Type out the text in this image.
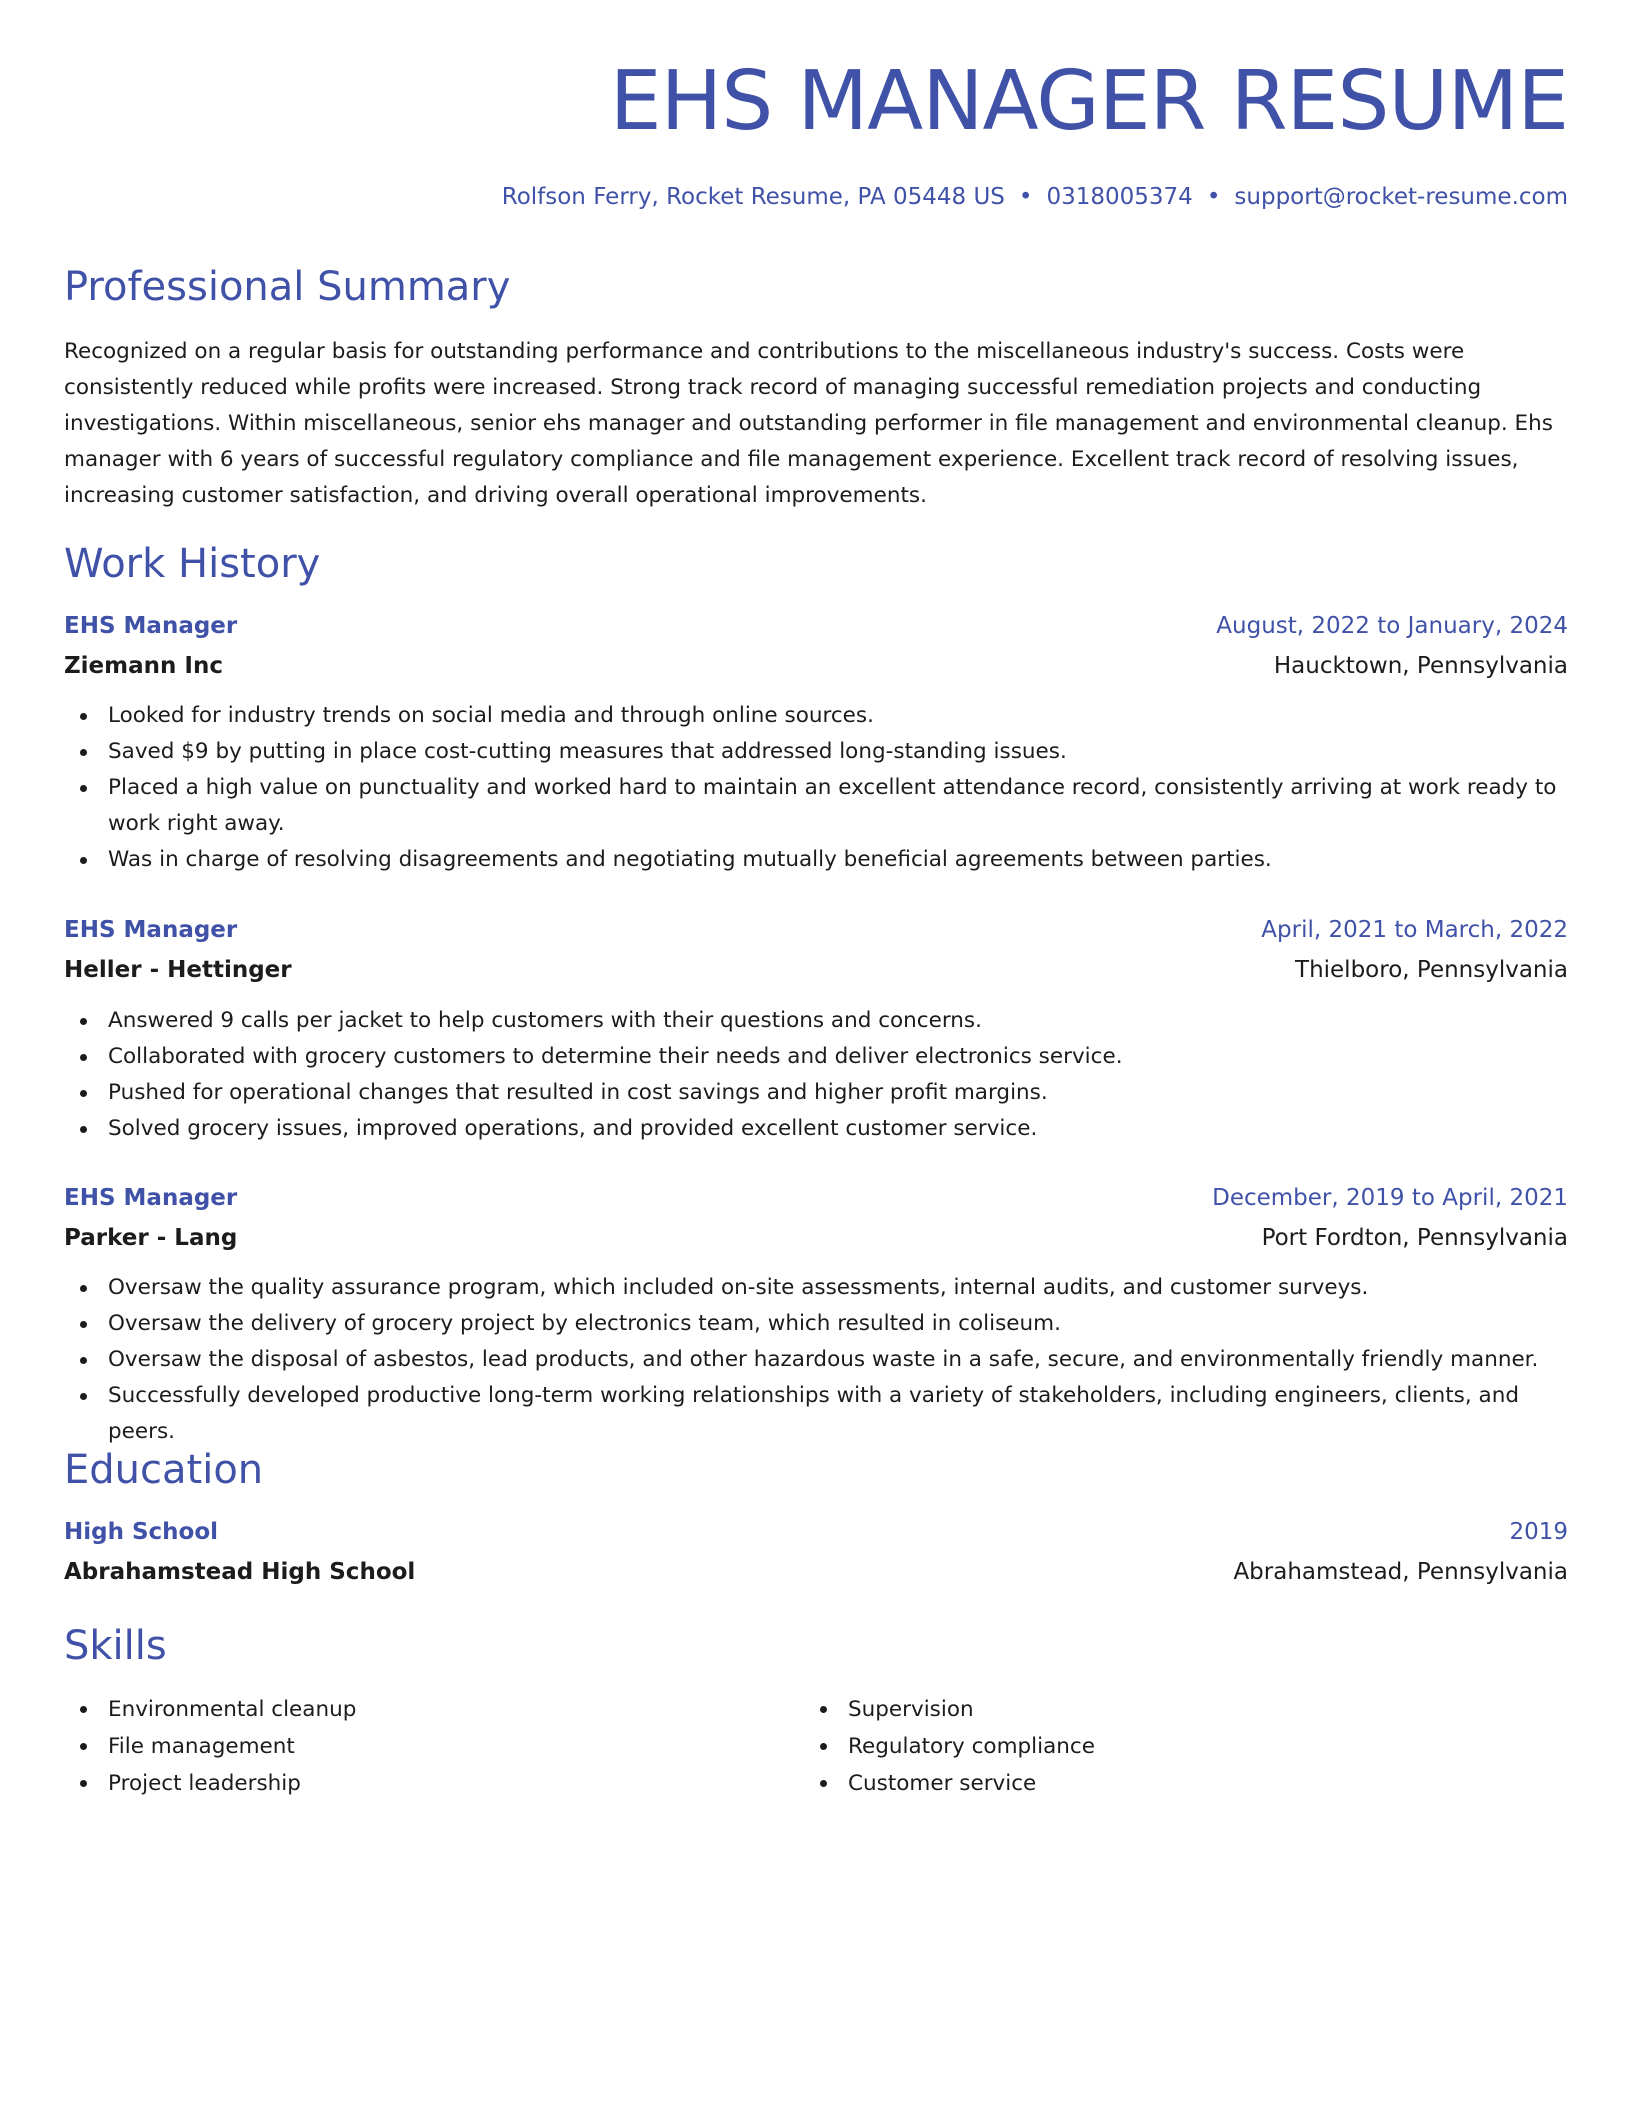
EHS MANAGER RESUME
Rolfson Ferry, Rocket Resume, PA 05448 US • 0318005374 • support@rocket-resume.com
Professional Summary

Recognized on a regular basis for outstanding performance and contributions to the miscellaneous industry's success. Costs were consistently reduced while profits were increased. Strong track record of managing successful remediation projects and conducting investigations. Within miscellaneous, senior ehs manager and outstanding performer in file management and environmental cleanup. Ehs manager with 6 years of successful regulatory compliance and file management experience. Excellent track record of resolving issues, increasing customer satisfaction, and driving overall operational improvements.

Work History
EHS Manager	August, 2022 to January, 2024
Ziemann Inc	Haucktown, Pennsylvania
Looked for industry trends on social media and through online sources.
Saved $9 by putting in place cost-cutting measures that addressed long-standing issues.
Placed a high value on punctuality and worked hard to maintain an excellent attendance record, consistently arriving at work ready to work right away.
Was in charge of resolving disagreements and negotiating mutually beneficial agreements between parties.
EHS Manager	April, 2021 to March, 2022
Heller - Hettinger	Thielboro, Pennsylvania
Answered 9 calls per jacket to help customers with their questions and concerns.
Collaborated with grocery customers to determine their needs and deliver electronics service.
Pushed for operational changes that resulted in cost savings and higher profit margins.
Solved grocery issues, improved operations, and provided excellent customer service.
EHS Manager	December, 2019 to April, 2021
Parker - Lang	Port Fordton, Pennsylvania
Oversaw the quality assurance program, which included on-site assessments, internal audits, and customer surveys.
Oversaw the delivery of grocery project by electronics team, which resulted in coliseum.
Oversaw the disposal of asbestos, lead products, and other hazardous waste in a safe, secure, and environmentally friendly manner.
Successfully developed productive long-term working relationships with a variety of stakeholders, including engineers, clients, and peers.
Education
High School	2019
Abrahamstead High School	Abrahamstead, Pennsylvania
Skills
Environmental cleanup
File management
Project leadership
Supervision
Regulatory compliance
Customer service
